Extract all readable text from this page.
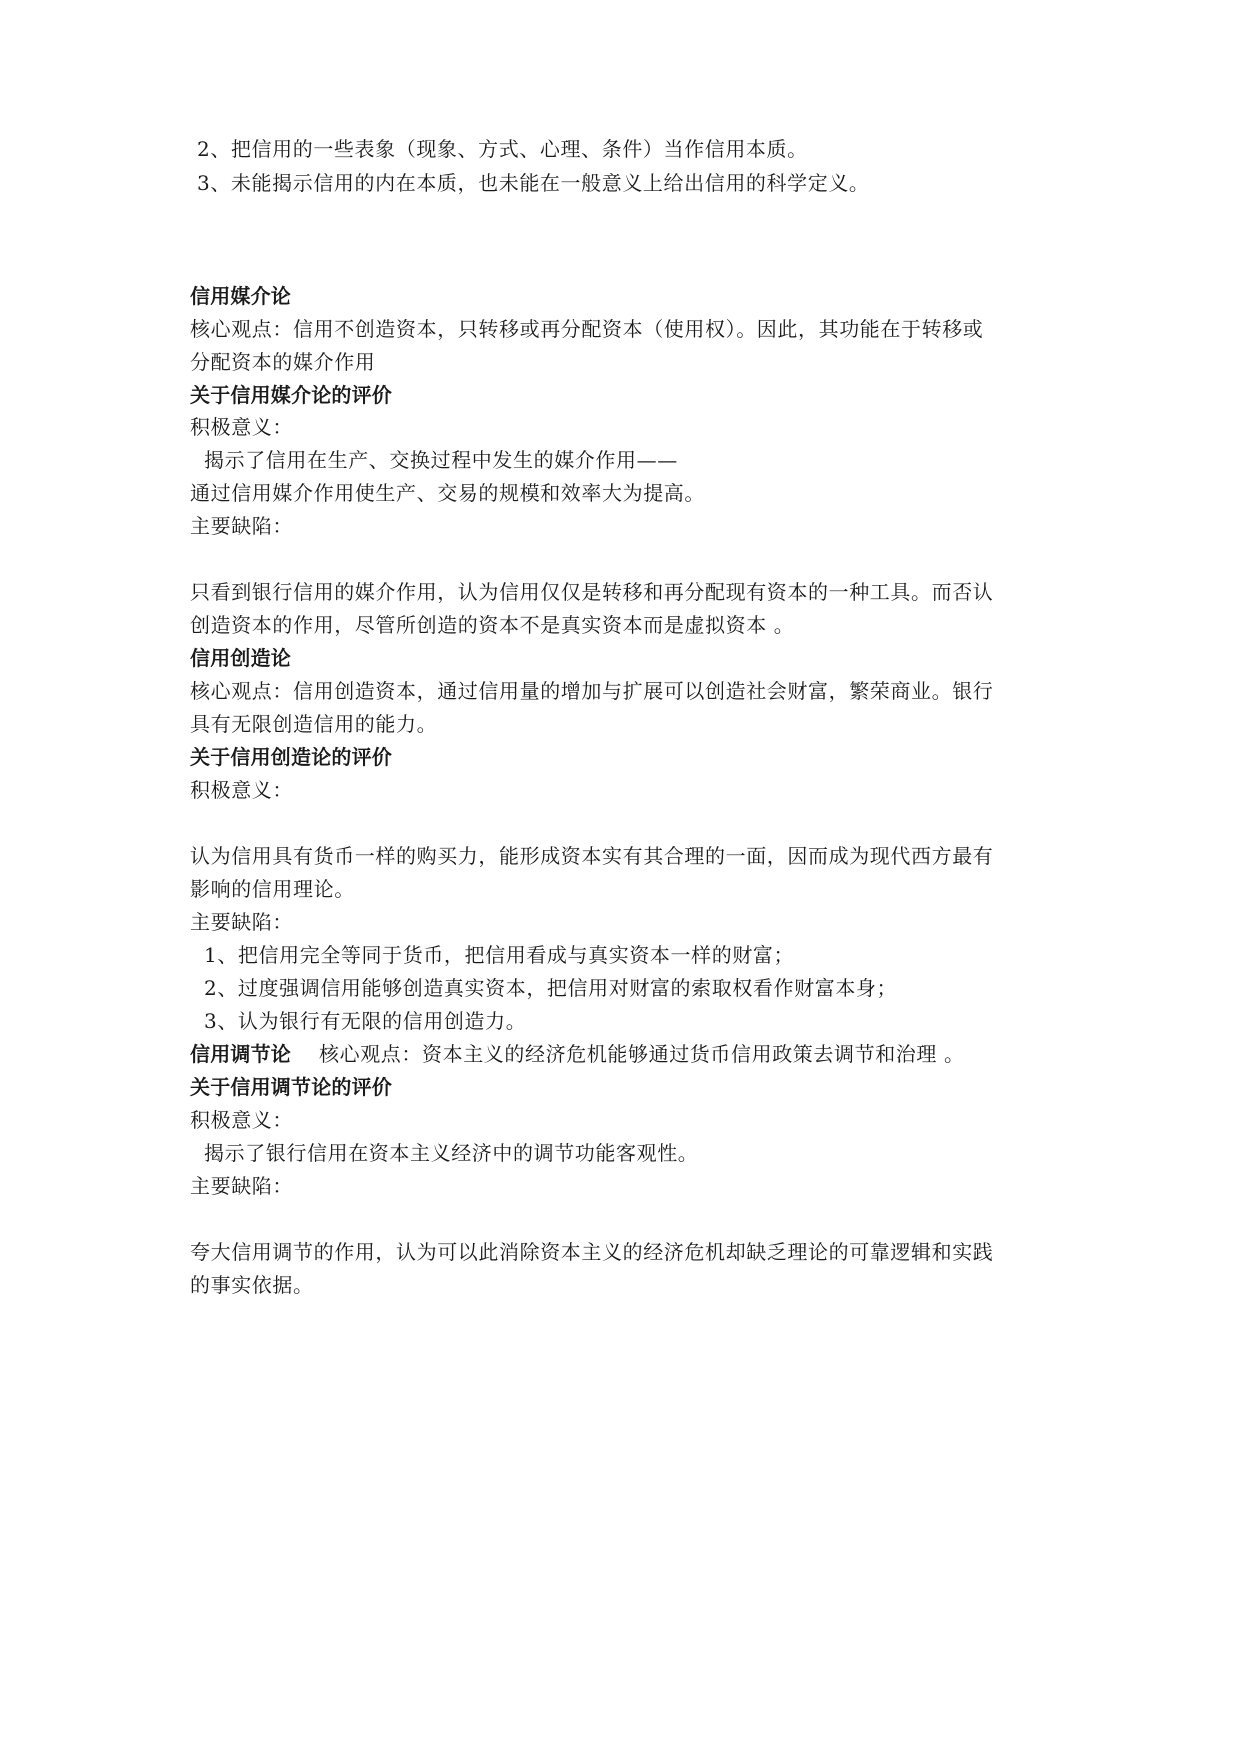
2、把信用的一些表象（现象、方式、心理、条件）当作信用本质。
3、未能揭示信用的内在本质，也未能在一般意义上给出信用的科学定义。
信用媒介论
核心观点：信用不创造资本，只转移或再分配资本（使用权）。因此，其功能在于转移或
分配资本的媒介作用
关于信用媒介论的评价
积极意义：
揭示了信用在生产、交换过程中发生的媒介作用——
通过信用媒介作用使生产、交易的规模和效率大为提高。
主要缺陷：
只看到银行信用的媒介作用，认为信用仅仅是转移和再分配现有资本的一种工具。而否认
创造资本的作用，尽管所创造的资本不是真实资本而是虚拟资本 。
信用创造论
核心观点：信用创造资本，通过信用量的增加与扩展可以创造社会财富，繁荣商业。银行
具有无限创造信用的能力。
关于信用创造论的评价
积极意义：
认为信用具有货币一样的购买力，能形成资本实有其合理的一面，因而成为现代西方最有
影响的信用理论。
主要缺陷：
1、把信用完全等同于货币，把信用看成与真实资本一样的财富；
2、过度强调信用能够创造真实资本，把信用对财富的索取权看作财富本身；
3、认为银行有无限的信用创造力。
信用调节论 核心观点：资本主义的经济危机能够通过货币信用政策去调节和治理 。
关于信用调节论的评价
积极意义：
揭示了银行信用在资本主义经济中的调节功能客观性。
主要缺陷：
夸大信用调节的作用，认为可以此消除资本主义的经济危机却缺乏理论的可靠逻辑和实践
的事实依据。
